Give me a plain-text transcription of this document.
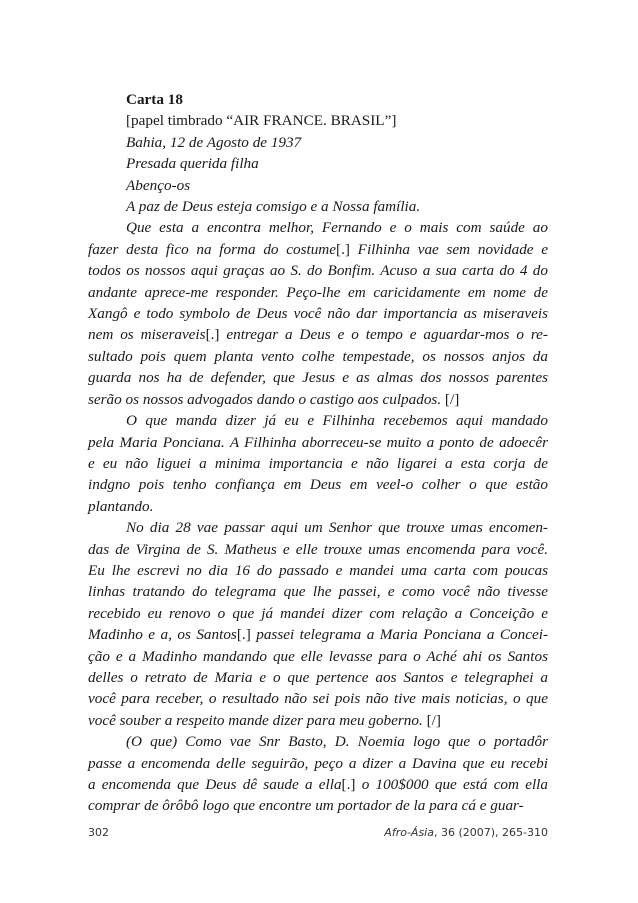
Carta 18
[papel timbrado “AIR FRANCE. BRASIL”]
Bahia, 12 de Agosto de 1937
Presada querida filha
Abenço-os
A paz de Deus esteja comsigo e a Nossa família.
Que esta a encontra melhor, Fernando e o mais com saúde ao
fazer desta fico na forma do costume[.] Filhinha vae sem novidade e
todos os nossos aqui graças ao S. do Bonfim. Acuso a sua carta do 4 do
andante aprece-me responder. Peço-lhe em caricidamente em nome de
Xangô e todo symbolo de Deus você não dar importancia as miseraveis
nem os miseraveis[.] entregar a Deus e o tempo e aguardar-mos o re-
sultado pois quem planta vento colhe tempestade, os nossos anjos da
guarda nos ha de defender, que Jesus e as almas dos nossos parentes
serão os nossos advogados dando o castigo aos culpados. [/]
O que manda dizer já eu e Filhinha recebemos aqui mandado
pela Maria Ponciana. A Filhinha aborreceu-se muito a ponto de adoecêr
e eu não liguei a minima importancia e não ligarei a esta corja de
indgno pois tenho confiança em Deus em veel-o colher o que estão
plantando.
No dia 28 vae passar aqui um Senhor que trouxe umas encomen-
das de Virgina de S. Matheus e elle trouxe umas encomenda para você.
Eu lhe escrevi no dia 16 do passado e mandei uma carta com poucas
linhas tratando do telegrama que lhe passei, e como você não tivesse
recebido eu renovo o que já mandei dizer com relação a Conceição e
Madinho e a, os Santos[.] passei telegrama a Maria Ponciana a Concei-
ção e a Madinho mandando que elle levasse para o Aché ahi os Santos
delles o retrato de Maria e o que pertence aos Santos e telegraphei a
você para receber, o resultado não sei pois não tive mais noticias, o que
você souber a respeito mande dizer para meu goberno. [/]
(O que) Como vae Snr Basto, D. Noemia logo que o portadôr
passe a encomenda delle seguirão, peço a dizer a Davina que eu recebi
a encomenda que Deus dê saude a ella[.] o 100$000 que está com ella
comprar de ôrôbô logo que encontre um portador de la para cá e guar-
302	Afro-Ásia, 36 (2007), 265-310
